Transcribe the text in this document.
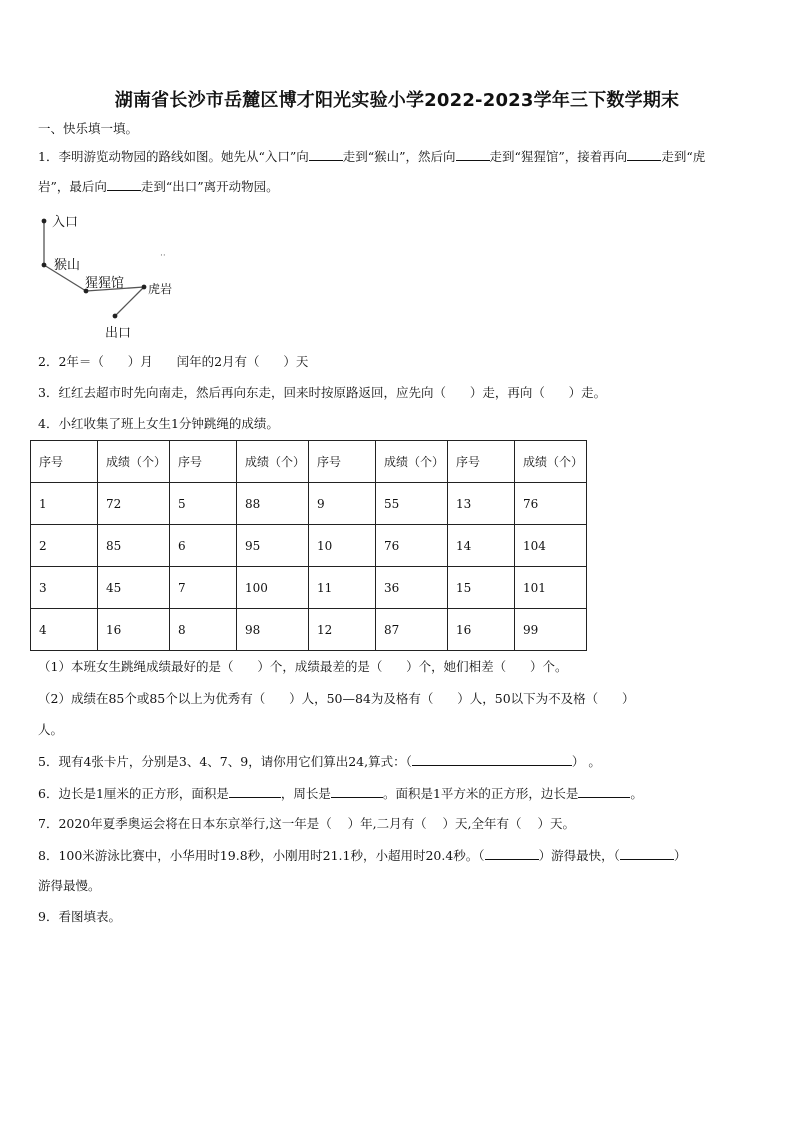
湖南省长沙市岳麓区博才阳光实验小学2022-2023学年三下数学期末
一、快乐填一填。
1．李明游览动物园的路线如图。她先从“入口”向	走到“猴山”，然后向	走到“猩猩馆”，接着再向	走到“虎
岩”，最后向	走到“出口”离开动物园。
入口
猴山
猩猩馆 虎岩
出口
··
2．2年＝（ ）月 闰年的2月有（ ）天
3．红红去超市时先向南走，然后再向东走，回来时按原路返回，应先向（ ）走，再向（ ）走。
4．小红收集了班上女生1分钟跳绳的成绩。
序号	成绩（个）	序号	成绩（个）	序号	成绩（个）	序号	成绩（个）
1	72	5	88	9	55	13	76
2	85	6	95	10	76	14	104
3	45	7	100	11	36	15	101
4	16	8	98	12	87	16	99
（1）本班女生跳绳成绩最好的是（ ）个，成绩最差的是（ ）个，她们相差（ ）个。
（2）成绩在85个或85个以上为优秀有（ ）人，50—84为及格有（ ）人，50以下为不及格（ ）
人。
5．现有4张卡片，分别是3、4、7、9，请你用它们算出24,算式：（	） 。
6．边长是1厘米的正方形，面积是	，周长是	。面积是1平方米的正方形，边长是	。
7．2020年夏季奥运会将在日本东京举行,这一年是（ ）年,二月有（ ）天,全年有（ ）天。
8．100米游泳比赛中，小华用时19.8秒，小刚用时21.1秒，小超用时20.4秒。（	）游得最快，（	）
游得最慢。
9．看图填表。
